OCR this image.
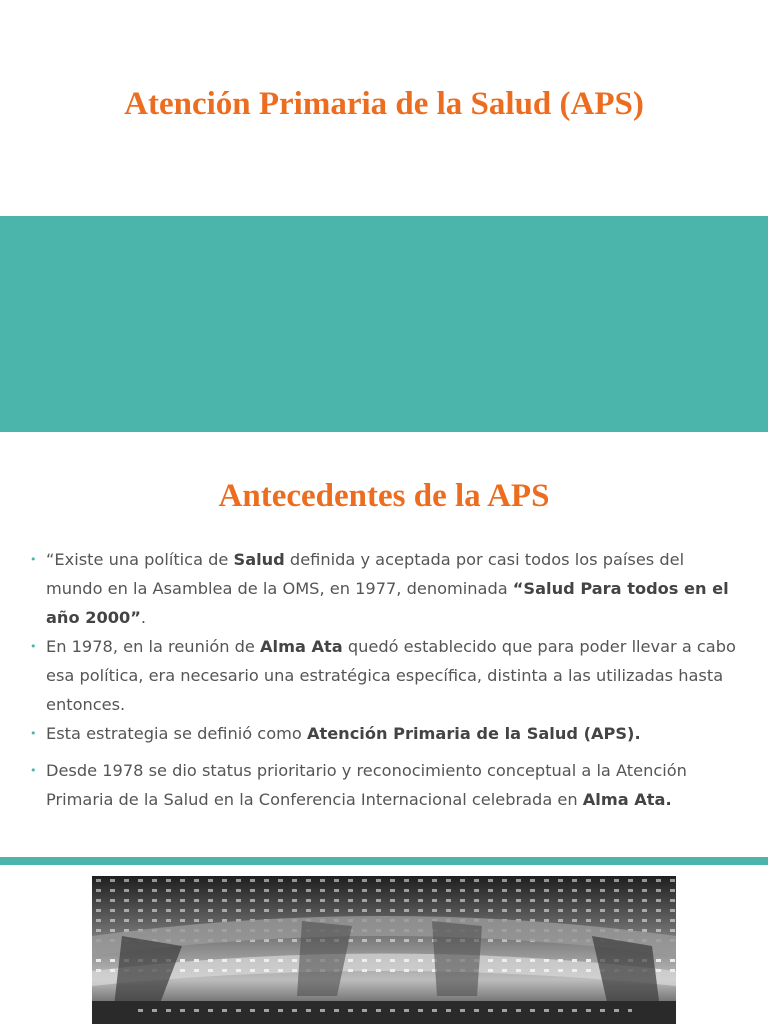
Atención Primaria de la Salud (APS)
Antecedentes de la APS
• “Existe una política de Salud definida y aceptada por casi todos los países del mundo en la Asamblea de la OMS, en 1977, denominada “Salud Para todos en el año 2000”.
• En 1978, en la reunión de Alma Ata quedó establecido que para poder llevar a cabo esa política, era necesario una estratégica específica, distinta a las utilizadas hasta entonces.
• Esta estrategia se definió como Atención Primaria de la Salud (APS).
• Desde 1978 se dio status prioritario y reconocimiento conceptual a la Atención Primaria de la Salud en la Conferencia Internacional celebrada en Alma Ata.
